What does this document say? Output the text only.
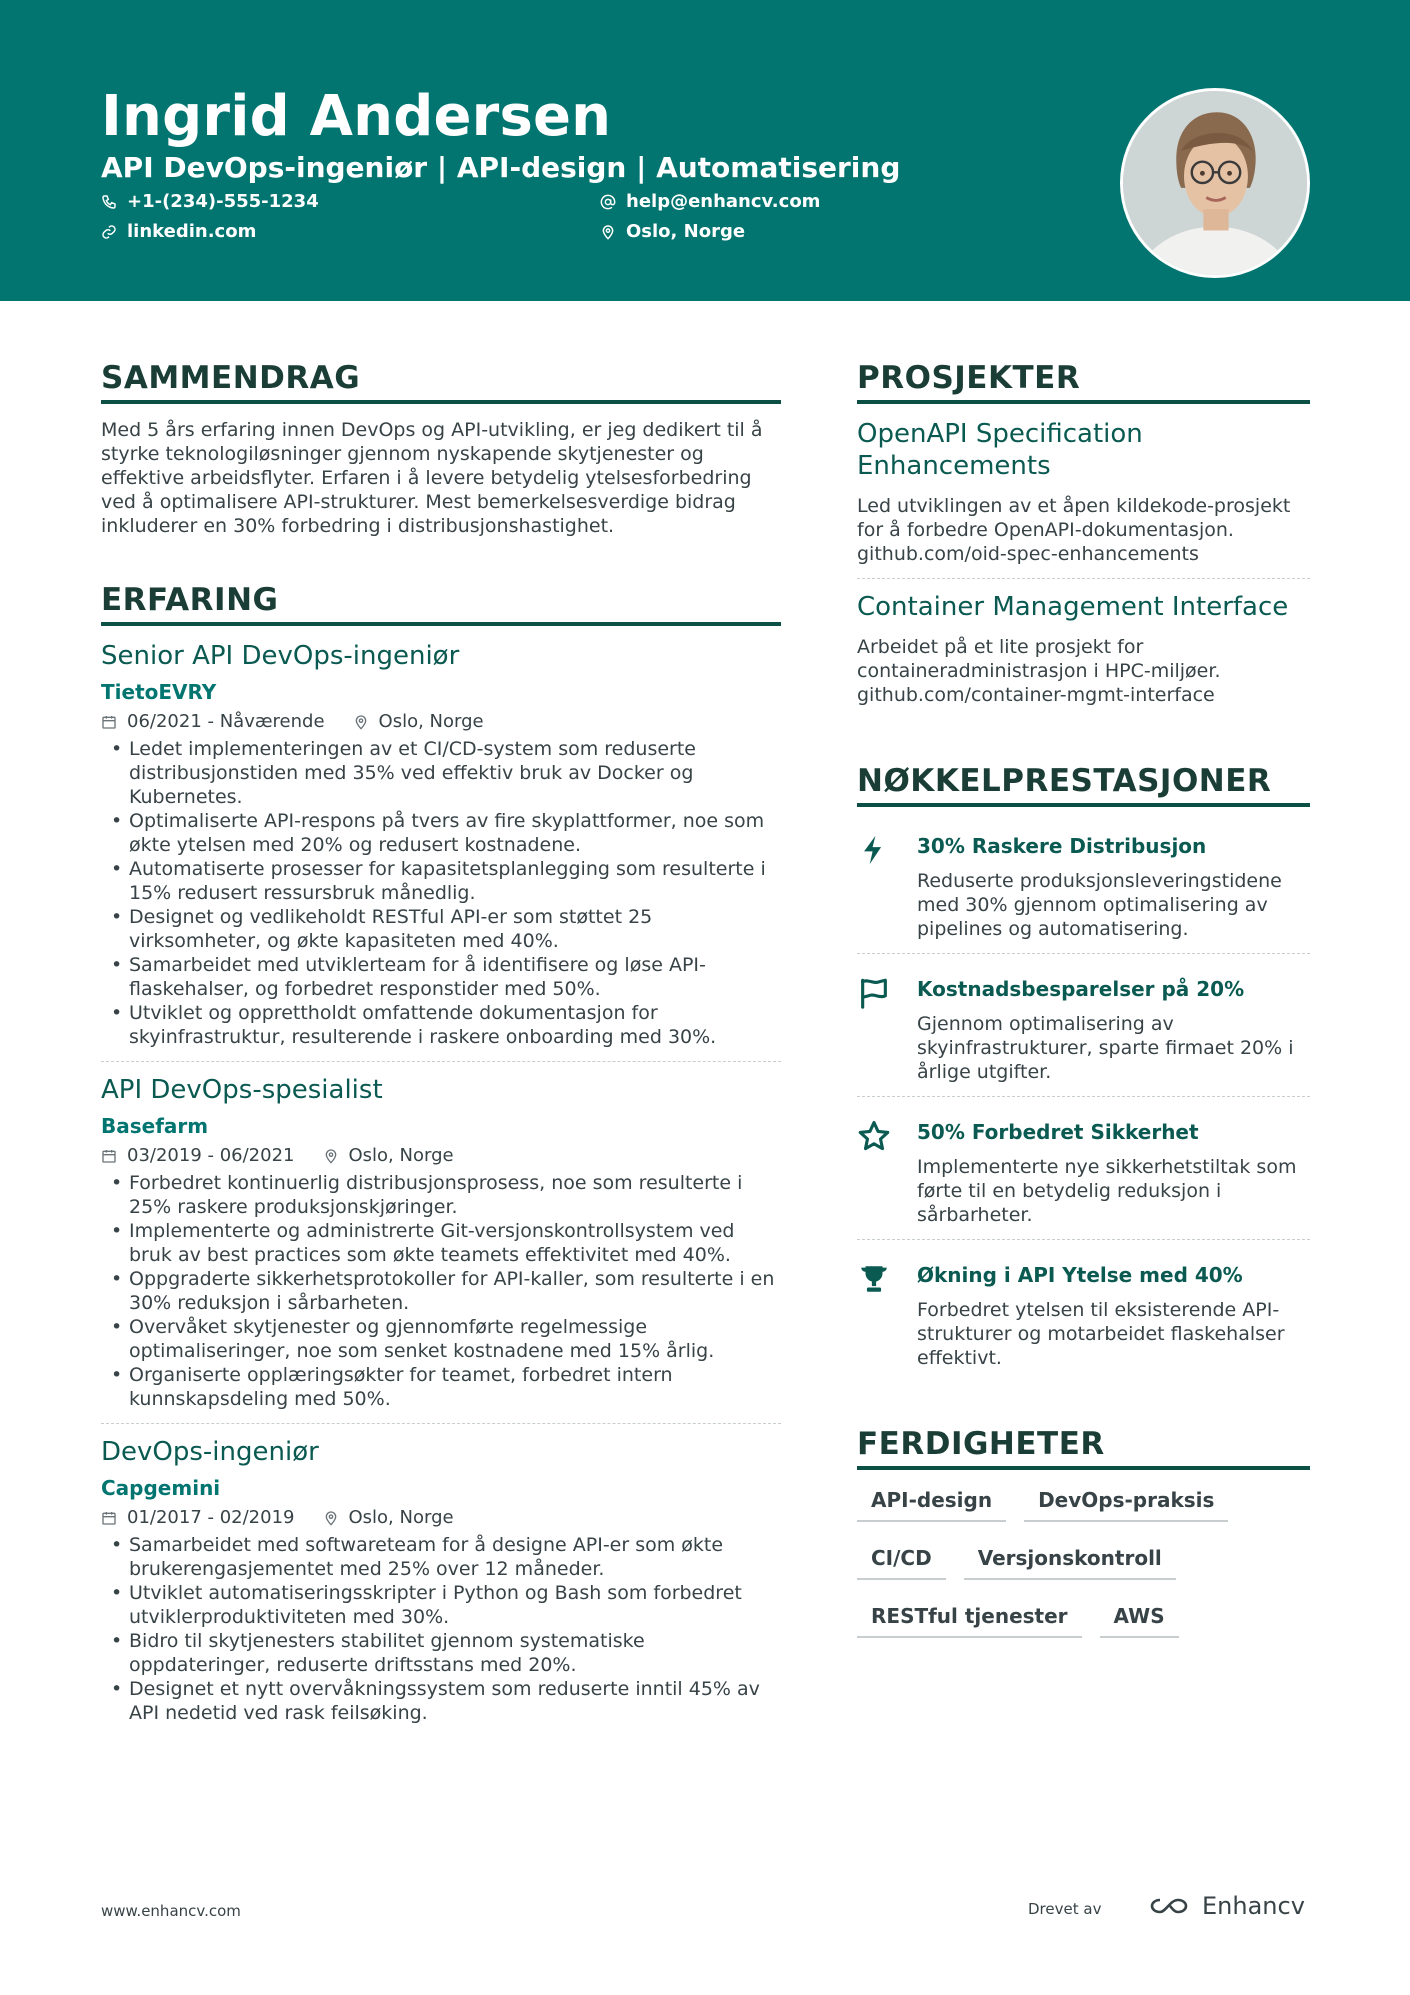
Ingrid Andersen
API DevOps-ingeniør | API-design | Automatisering
+1-(234)-555-1234
linkedin.com
help@enhancv.com
Oslo, Norge
SAMMENDRAG

Med 5 års erfaring innen DevOps og API-utvikling, er jeg dedikert til å styrke teknologiløsninger gjennom nyskapende skytjenester og effektive arbeidsflyter. Erfaren i å levere betydelig ytelsesforbedring ved å optimalisere API-strukturer. Mest bemerkelsesverdige bidrag inkluderer en 30% forbedring i distribusjonshastighet.

ERFARING
Senior API DevOps-ingeniør
TietoEVRY
06/2021 - Nåværende	Oslo, Norge
• Ledet implementeringen av et CI/CD-system som reduserte distribusjonstiden med 35% ved effektiv bruk av Docker og Kubernetes.
• Optimaliserte API-respons på tvers av fire skyplattformer, noe som økte ytelsen med 20% og redusert kostnadene.
• Automatiserte prosesser for kapasitetsplanlegging som resulterte i 15% redusert ressursbruk månedlig.
• Designet og vedlikeholdt RESTful API-er som støttet 25 virksomheter, og økte kapasiteten med 40%.
• Samarbeidet med utviklerteam for å identifisere og løse API-flaskehalser, og forbedret responstider med 50%.
• Utviklet og opprettholdt omfattende dokumentasjon for skyinfrastruktur, resulterende i raskere onboarding med 30%.
API DevOps-spesialist
Basefarm
03/2019 - 06/2021	Oslo, Norge
• Forbedret kontinuerlig distribusjonsprosess, noe som resulterte i 25% raskere produksjonskjøringer.
• Implementerte og administrerte Git-versjonskontrollsystem ved bruk av best practices som økte teamets effektivitet med 40%.
• Oppgraderte sikkerhetsprotokoller for API-kaller, som resulterte i en 30% reduksjon i sårbarheten.
• Overvåket skytjenester og gjennomførte regelmessige optimaliseringer, noe som senket kostnadene med 15% årlig.
• Organiserte opplæringsøkter for teamet, forbedret intern kunnskapsdeling med 50%.
DevOps-ingeniør
Capgemini
01/2017 - 02/2019	Oslo, Norge
• Samarbeidet med softwareteam for å designe API-er som økte brukerengasjementet med 25% over 12 måneder.
• Utviklet automatiseringsskripter i Python og Bash som forbedret utviklerproduktiviteten med 30%.
• Bidro til skytjenesters stabilitet gjennom systematiske oppdateringer, reduserte driftsstans med 20%.
• Designet et nytt overvåkningssystem som reduserte inntil 45% av API nedetid ved rask feilsøking.
PROSJEKTER
OpenAPI Specification Enhancements

Led utviklingen av et åpen kildekode-prosjekt for å forbedre OpenAPI-dokumentasjon. github.com/oid-spec-enhancements

Container Management Interface

Arbeidet på et lite prosjekt for containeradministrasjon i HPC-miljøer. github.com/container-mgmt-interface

NØKKELPRESTASJONER
30% Raskere Distribusjon

Reduserte produksjonsleveringstidene med 30% gjennom optimalisering av pipelines og automatisering.

Kostnadsbesparelser på 20%

Gjennom optimalisering av skyinfrastrukturer, sparte firmaet 20% i årlige utgifter.

50% Forbedret Sikkerhet

Implementerte nye sikkerhetstiltak som førte til en betydelig reduksjon i sårbarheter.

Økning i API Ytelse med 40%

Forbedret ytelsen til eksisterende API-strukturer og motarbeidet flaskehalser effektivt.

FERDIGHETER
API-design	DevOps-praksis
CI/CD	Versjonskontroll
RESTful tjenester	AWS
www.enhancv.com	Drevet av	Enhancv
